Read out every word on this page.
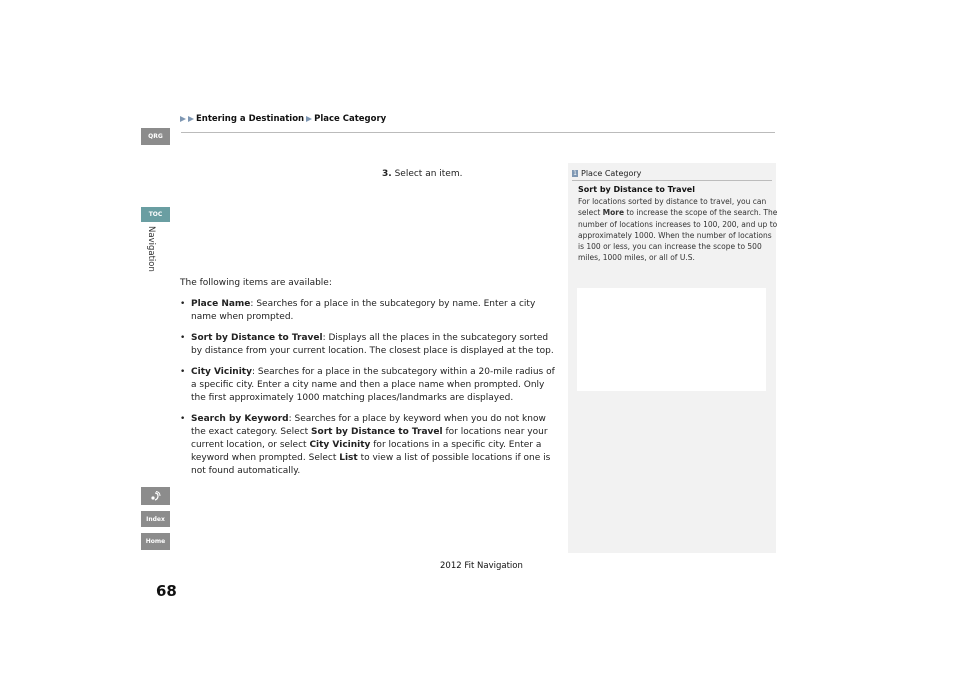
Entering a Destination Place Category
QRG
TOC
Navigation
Index
Home
3. Select an item.
The following items are available:
• Place Name: Searches for a place in the subcategory by name. Enter a city name when prompted.
• Sort by Distance to Travel: Displays all the places in the subcategory sorted by distance from your current location. The closest place is displayed at the top.
• City Vicinity: Searches for a place in the subcategory within a 20-mile radius of a specific city. Enter a city name and then a place name when prompted. Only the first approximately 1000 matching places/landmarks are displayed.
• Search by Keyword: Searches for a place by keyword when you do not know the exact category. Select Sort by Distance to Travel for locations near your current location, or select City Vicinity for locations in a specific city. Enter a keyword when prompted. Select List to view a list of possible locations if one is not found automatically.
1 Place Category
Sort by Distance to Travel
For locations sorted by distance to travel, you can select More to increase the scope of the search. The number of locations increases to 100, 200, and up to approximately 1000. When the number of locations is 100 or less, you can increase the scope to 500 miles, 1000 miles, or all of U.S.
68
2012 Fit Navigation
